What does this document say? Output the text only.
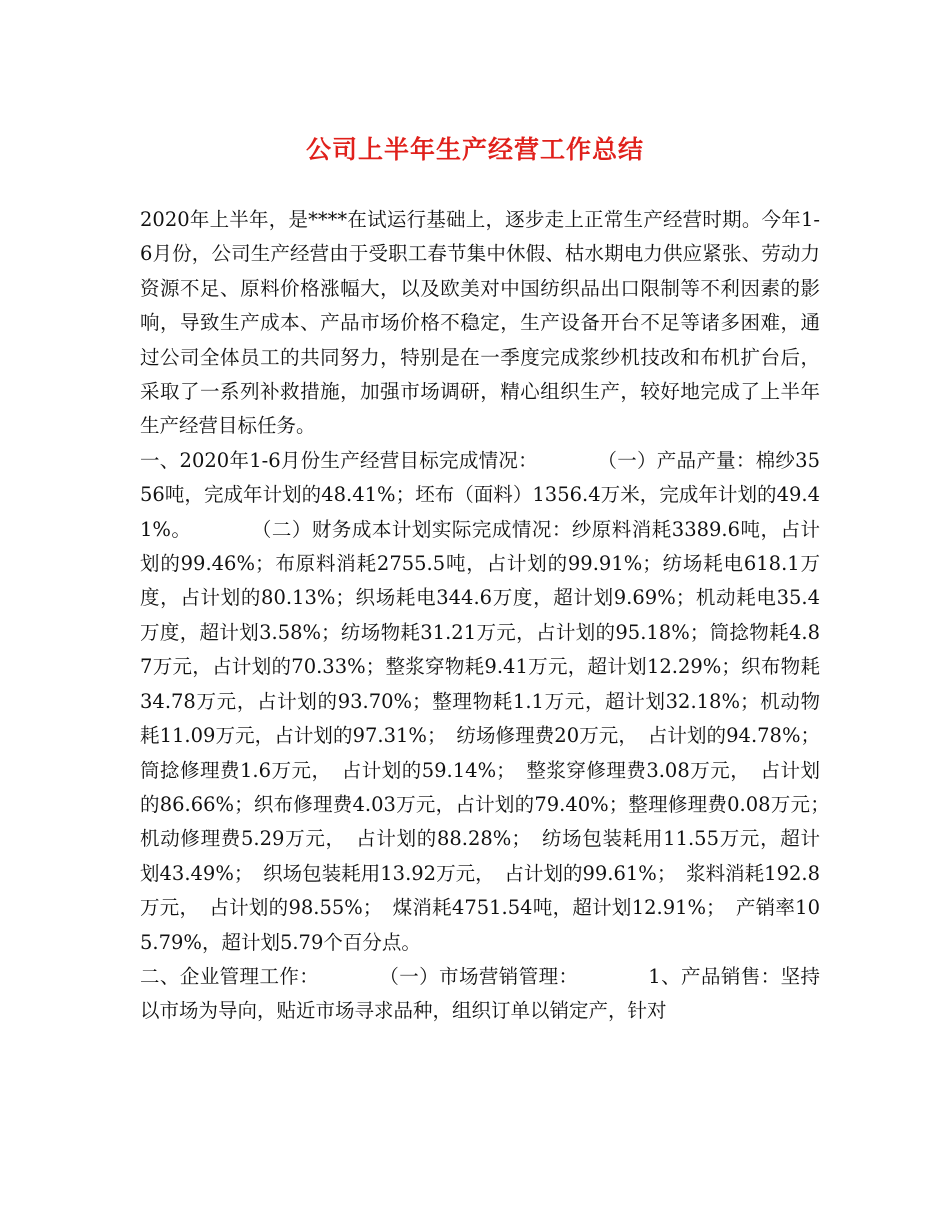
公司上半年生产经营工作总结

2020年上半年，是****在试运行基础上，逐步走上正常生产经营时期。今年1-6月份，公司生产经营由于受职工春节集中休假、枯水期电力供应紧张、劳动力资源不足、原料价格涨幅大，以及欧美对中国纺织品出口限制等不利因素的影响，导致生产成本、产品市场价格不稳定，生产设备开台不足等诸多困难，通过公司全体员工的共同努力，特别是在一季度完成浆纱机技改和布机扩台后，采取了一系列补救措施，加强市场调研，精心组织生产，较好地完成了上半年生产经营目标任务。

一、2020年1-6月份生产经营目标完成情况：　　　　（一）产品产量：棉纱3556吨，完成年计划的48.41%；坯布（面料）1356.4万米，完成年计划的49.41%。　　　　（二）财务成本计划实际完成情况：纱原料消耗3389.6吨，占计划的99.46%；布原料消耗2755.5吨，占计划的99.91%；纺场耗电618.1万度，占计划的80.13%；织场耗电344.6万度，超计划9.69%；机动耗电35.4万度，超计划3.58%；纺场物耗31.21万元，占计划的95.18%；筒捻物耗4.87万元，占计划的70.33%；整浆穿物耗9.41万元，超计划12.29%；织布物耗34.78万元，占计划的93.70%；整理物耗1.1万元，超计划32.18%；机动物耗11.09万元，占计划的97.31%；　纺场修理费20万元，　占计划的94.78%；筒捻修理费1.6万元，　占计划的59.14%；　整浆穿修理费3.08万元，　占计划的86.66%；织布修理费4.03万元，占计划的79.40%；整理修理费0.08万元；　机动修理费5.29万元，　占计划的88.28%；　纺场包装耗用11.55万元，超计划43.49%；　织场包装耗用13.92万元，　占计划的99.61%；　浆料消耗192.8万元，　占计划的98.55%；　煤消耗4751.54吨，超计划12.91%；　产销率105.79%，超计划5.79个百分点。

二、企业管理工作：　　　　（一）市场营销管理：　　　　1、产品销售：坚持以市场为导向，贴近市场寻求品种，组织订单以销定产，针对
